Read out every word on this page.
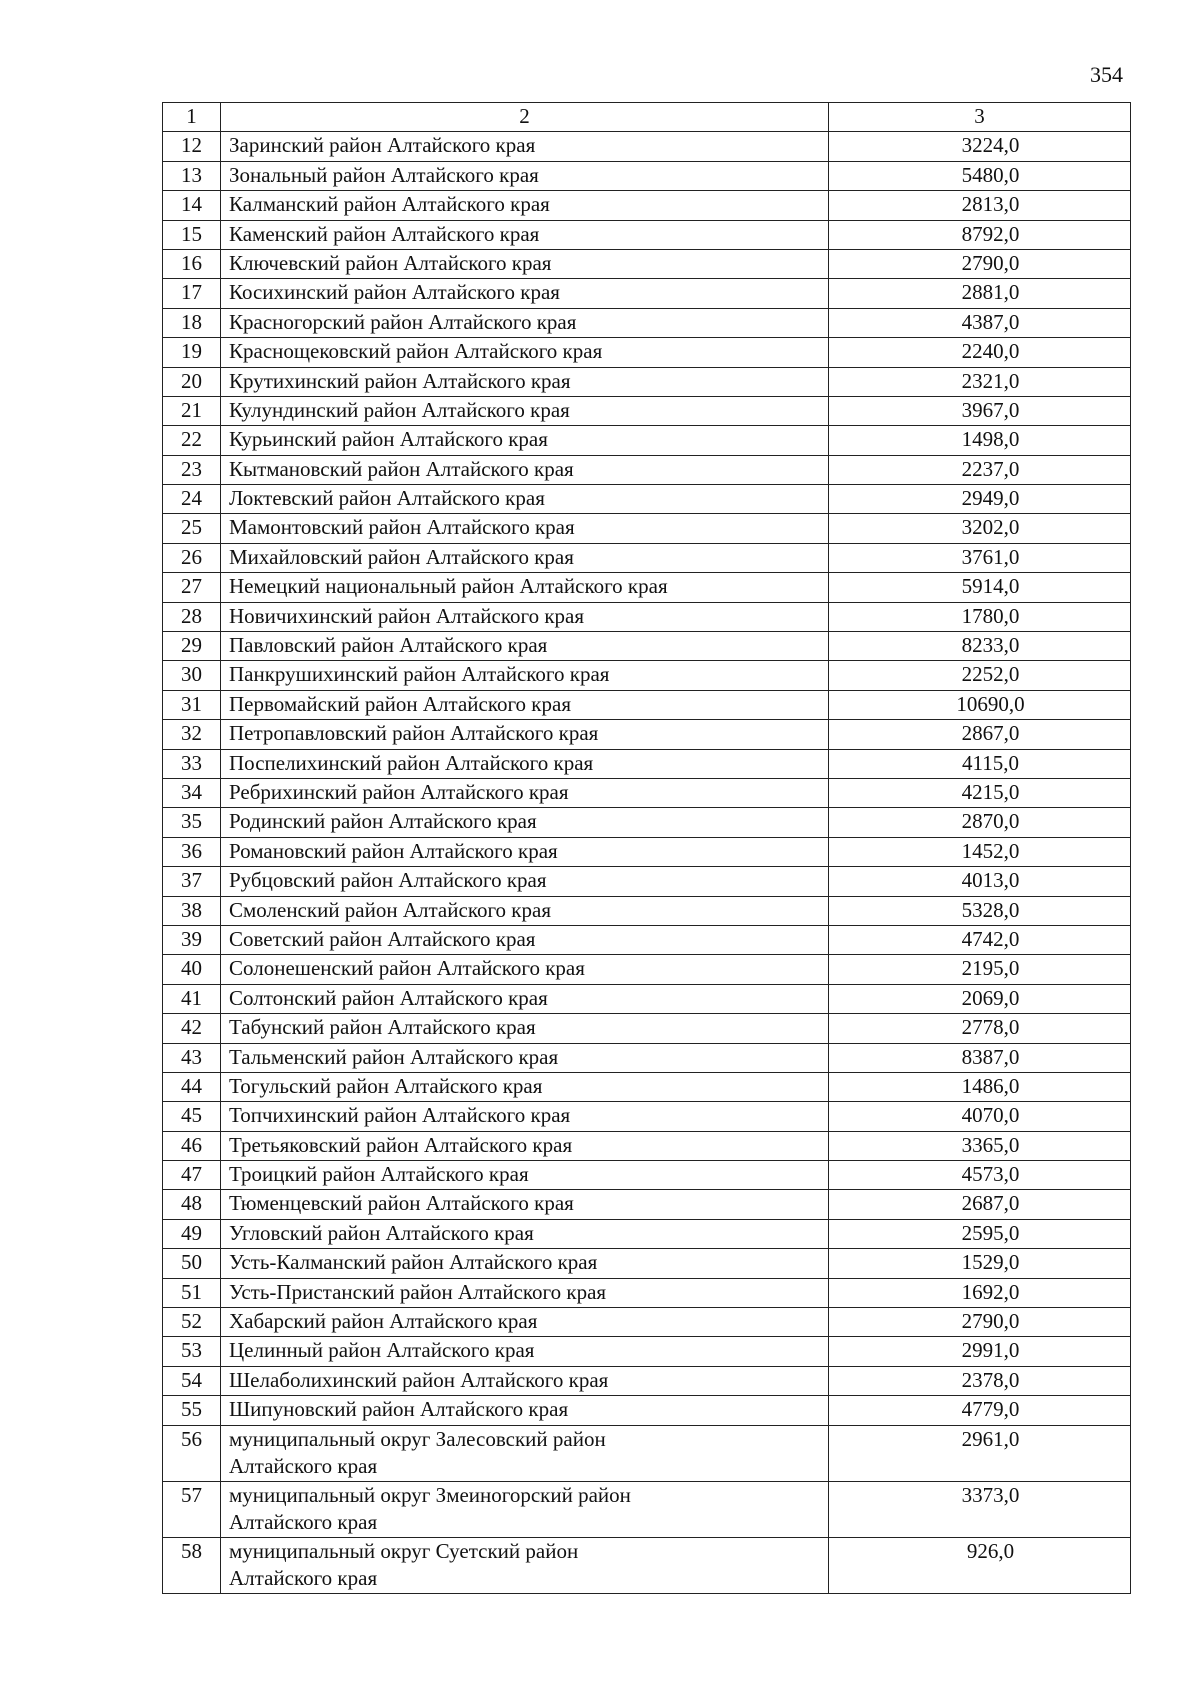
354
1	2	3
12	Заринский район Алтайского края	3224,0
13	Зональный район Алтайского края	5480,0
14	Калманский район Алтайского края	2813,0
15	Каменский район Алтайского края	8792,0
16	Ключевский район Алтайского края	2790,0
17	Косихинский район Алтайского края	2881,0
18	Красногорский район Алтайского края	4387,0
19	Краснощековский район Алтайского края	2240,0
20	Крутихинский район Алтайского края	2321,0
21	Кулундинский район Алтайского края	3967,0
22	Курьинский район Алтайского края	1498,0
23	Кытмановский район Алтайского края	2237,0
24	Локтевский район Алтайского края	2949,0
25	Мамонтовский район Алтайского края	3202,0
26	Михайловский район Алтайского края	3761,0
27	Немецкий национальный район Алтайского края	5914,0
28	Новичихинский район Алтайского края	1780,0
29	Павловский район Алтайского края	8233,0
30	Панкрушихинский район Алтайского края	2252,0
31	Первомайский район Алтайского края	10690,0
32	Петропавловский район Алтайского края	2867,0
33	Поспелихинский район Алтайского края	4115,0
34	Ребрихинский район Алтайского края	4215,0
35	Родинский район Алтайского края	2870,0
36	Романовский район Алтайского края	1452,0
37	Рубцовский район Алтайского края	4013,0
38	Смоленский район Алтайского края	5328,0
39	Советский район Алтайского края	4742,0
40	Солонешенский район Алтайского края	2195,0
41	Солтонский район Алтайского края	2069,0
42	Табунский район Алтайского края	2778,0
43	Тальменский район Алтайского края	8387,0
44	Тогульский район Алтайского края	1486,0
45	Топчихинский район Алтайского края	4070,0
46	Третьяковский район Алтайского края	3365,0
47	Троицкий район Алтайского края	4573,0
48	Тюменцевский район Алтайского края	2687,0
49	Угловский район Алтайского края	2595,0
50	Усть-Калманский район Алтайского края	1529,0
51	Усть-Пристанский район Алтайского края	1692,0
52	Хабарский район Алтайского края	2790,0
53	Целинный район Алтайского края	2991,0
54	Шелаболихинский район Алтайского края	2378,0
55	Шипуновский район Алтайского края	4779,0
56	муниципальный округ Залесовский район
Алтайского края	2961,0
57	муниципальный округ Змеиногорский район
Алтайского края	3373,0
58	муниципальный округ Суетский район
Алтайского края	926,0
